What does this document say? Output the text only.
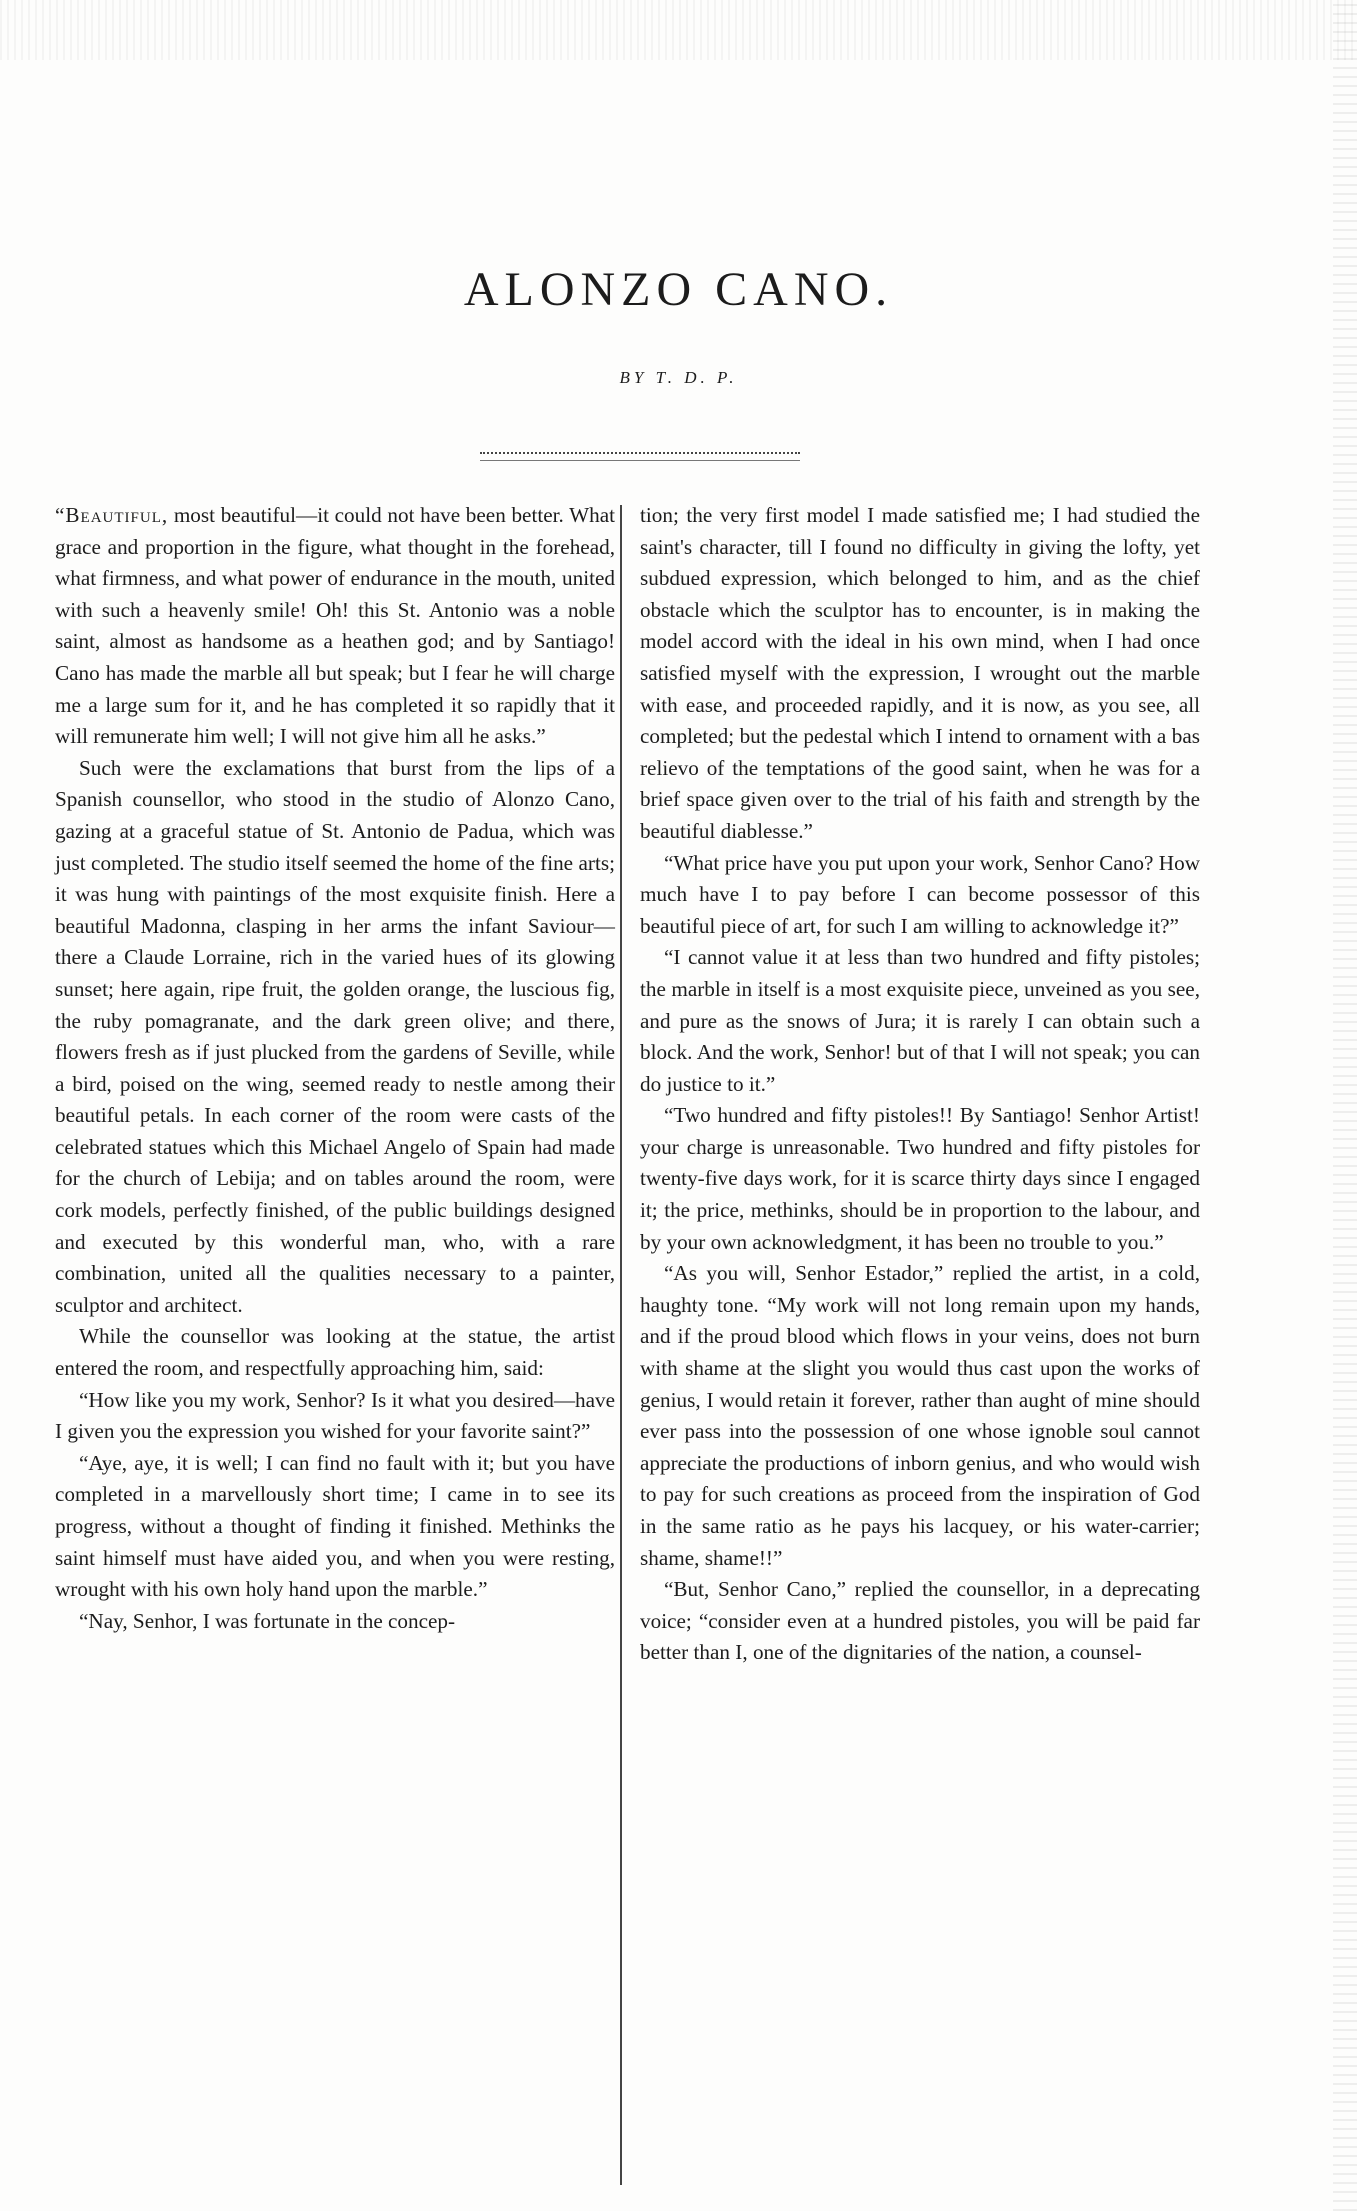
ALONZO CANO.

BY T. D. P.

“Beautiful, most beautiful—it could not have been better. What grace and proportion in the figure, what thought in the forehead, what firmness, and what power of endurance in the mouth, united with such a heavenly smile! Oh! this St. Antonio was a noble saint, almost as handsome as a heathen god; and by Santiago! Cano has made the marble all but speak; but I fear he will charge me a large sum for it, and he has completed it so rapidly that it will remunerate him well; I will not give him all he asks.”

Such were the exclamations that burst from the lips of a Spanish counsellor, who stood in the studio of Alonzo Cano, gazing at a graceful statue of St. Antonio de Padua, which was just completed. The studio itself seemed the home of the fine arts; it was hung with paintings of the most exquisite finish. Here a beautiful Madonna, clasping in her arms the infant Saviour—there a Claude Lorraine, rich in the varied hues of its glowing sunset; here again, ripe fruit, the golden orange, the luscious fig, the ruby pomagranate, and the dark green olive; and there, flowers fresh as if just plucked from the gardens of Seville, while a bird, poised on the wing, seemed ready to nestle among their beautiful petals. In each corner of the room were casts of the celebrated statues which this Michael Angelo of Spain had made for the church of Lebija; and on tables around the room, were cork models, perfectly finished, of the public buildings designed and executed by this wonderful man, who, with a rare combination, united all the qualities necessary to a painter, sculptor and architect.

While the counsellor was looking at the statue, the artist entered the room, and respectfully approaching him, said:

“How like you my work, Senhor? Is it what you desired—have I given you the expression you wished for your favorite saint?”

“Aye, aye, it is well; I can find no fault with it; but you have completed in a marvellously short time; I came in to see its progress, without a thought of finding it finished. Methinks the saint himself must have aided you, and when you were resting, wrought with his own holy hand upon the marble.”

“Nay, Senhor, I was fortunate in the concep-

tion; the very first model I made satisfied me; I had studied the saint's character, till I found no difficulty in giving the lofty, yet subdued expression, which belonged to him, and as the chief obstacle which the sculptor has to encounter, is in making the model accord with the ideal in his own mind, when I had once satisfied myself with the expression, I wrought out the marble with ease, and proceeded rapidly, and it is now, as you see, all completed; but the pedestal which I intend to ornament with a bas relievo of the temptations of the good saint, when he was for a brief space given over to the trial of his faith and strength by the beautiful diablesse.”

“What price have you put upon your work, Senhor Cano? How much have I to pay before I can become possessor of this beautiful piece of art, for such I am willing to acknowledge it?”

“I cannot value it at less than two hundred and fifty pistoles; the marble in itself is a most exquisite piece, unveined as you see, and pure as the snows of Jura; it is rarely I can obtain such a block. And the work, Senhor! but of that I will not speak; you can do justice to it.”

“Two hundred and fifty pistoles!! By Santiago! Senhor Artist! your charge is unreasonable. Two hundred and fifty pistoles for twenty-five days work, for it is scarce thirty days since I engaged it; the price, methinks, should be in proportion to the labour, and by your own acknowledgment, it has been no trouble to you.”

“As you will, Senhor Estador,” replied the artist, in a cold, haughty tone. “My work will not long remain upon my hands, and if the proud blood which flows in your veins, does not burn with shame at the slight you would thus cast upon the works of genius, I would retain it forever, rather than aught of mine should ever pass into the possession of one whose ignoble soul cannot appreciate the productions of inborn genius, and who would wish to pay for such creations as proceed from the inspiration of God in the same ratio as he pays his lacquey, or his water-carrier; shame, shame!!”

“But, Senhor Cano,” replied the counsellor, in a deprecating voice; “consider even at a hundred pistoles, you will be paid far better than I, one of the dignitaries of the nation, a counsel-
